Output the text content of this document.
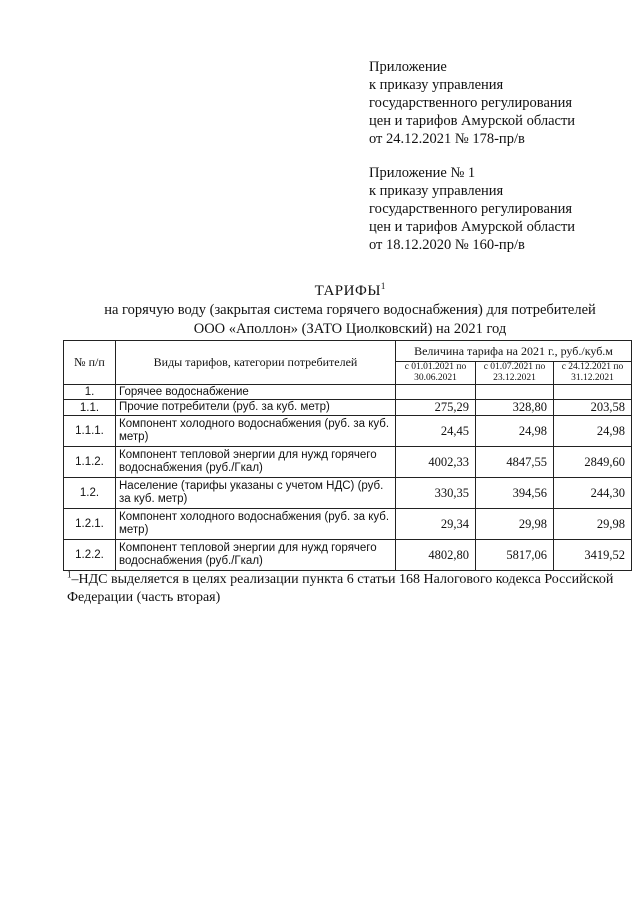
Приложение
к приказу управления
государственного регулирования
цен и тарифов Амурской области
от 24.12.2021 № 178-пр/в
Приложение № 1
к приказу управления
государственного регулирования
цен и тарифов Амурской области
от 18.12.2020 № 160-пр/в
ТАРИФЫ$^1$
на горячую воду (закрытая система горячего водоснабжения) для потребителей
ООО «Аполлон» (ЗАТО Циолковский) на 2021 год
№ п/п	Виды тарифов, категории потребителей	Величина тарифа на 2021 г., руб./куб.м		
		с 01.01.2021 по 30.06.2021	с 01.07.2021 по 23.12.2021	с 24.12.2021 по 31.12.2021
1.	Горячее водоснабжение			
1.1.	Прочие потребители (руб. за куб. метр)	275,29	328,80	203,58
1.1.1.	Компонент холодного водоснабжения (руб. за куб. метр)	24,45	24,98	24,98
1.1.2.	Компонент тепловой энергии для нужд горячего водоснабжения (руб./Гкал)	4002,33	4847,55	2849,60
1.2.	Население (тарифы указаны с учетом НДС) (руб. за куб. метр)	330,35	394,56	244,30
1.2.1.	Компонент холодного водоснабжения (руб. за куб. метр)	29,34	29,98	29,98
1.2.2.	Компонент тепловой энергии для нужд горячего водоснабжения (руб./Гкал)	4802,80	5817,06	3419,52
$^1$–НДС выделяется в целях реализации пункта 6 статьи 168 Налогового кодекса Российской Федерации (часть вторая)
